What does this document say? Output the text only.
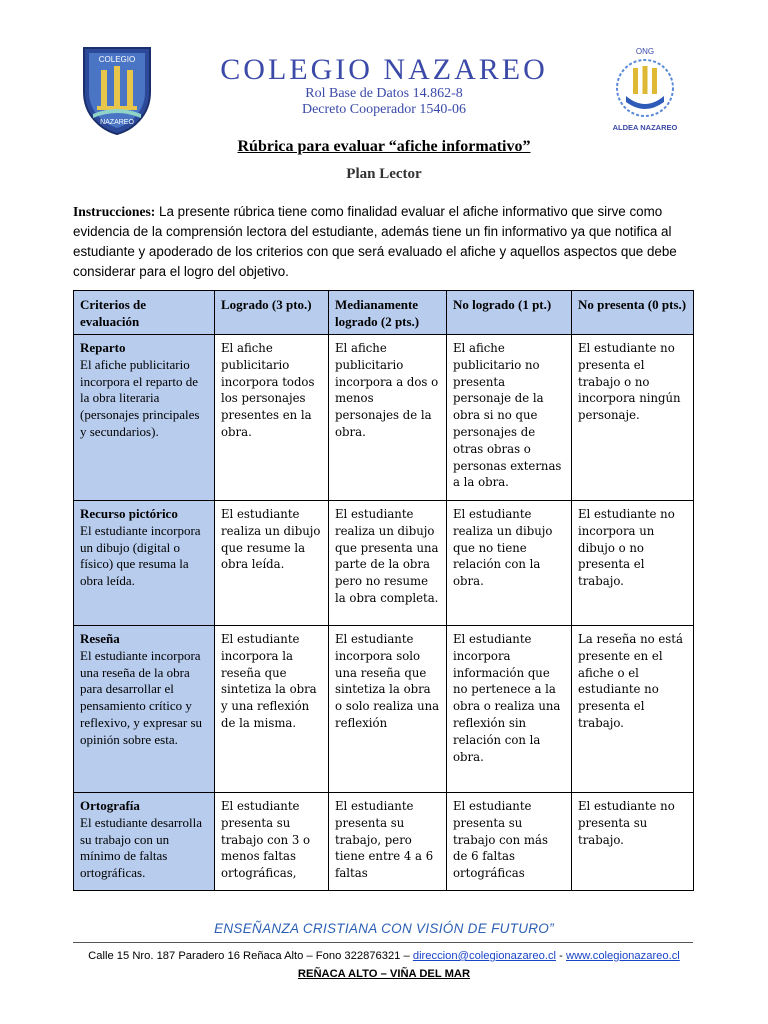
COLEGIO
NAZAREO
COLEGIO NAZAREO
Rol Base de Datos 14.862-8
Decreto Cooperador 1540-06
ONG
ALDEA NAZAREO
Rúbrica para evaluar “afiche informativo”
Plan Lector
Instrucciones: La presente rúbrica tiene como finalidad evaluar el afiche informativo que sirve como evidencia de la comprensión lectora del estudiante, además tiene un fin informativo ya que notifica al estudiante y apoderado de los criterios con que será evaluado el afiche y aquellos aspectos que debe considerar para el logro del objetivo.
Criterios de evaluación	Logrado (3 pto.)	Medianamente logrado (2 pts.)	No logrado (1 pt.)	No presenta (0 pts.)

Reparto
El afiche publicitario incorpora el reparto de la obra literaria (personajes principales y secundarios).	El afiche publicitario incorpora todos los personajes presentes en la obra.	El afiche publicitario incorpora a dos o menos personajes de la obra.	El afiche publicitario no presenta personaje de la obra si no que personajes de otras obras o personas externas a la obra.	El estudiante no presenta el trabajo o no incorpora ningún personaje.

Recurso pictórico
El estudiante incorpora un dibujo (digital o físico) que resuma la obra leída.	El estudiante realiza un dibujo que resume la obra leída.	El estudiante realiza un dibujo que presenta una parte de la obra pero no resume la obra completa.	El estudiante realiza un dibujo que no tiene relación con la obra.	El estudiante no incorpora un dibujo o no presenta el trabajo.

Reseña
El estudiante incorpora una reseña de la obra para desarrollar el pensamiento crítico y reflexivo, y expresar su opinión sobre esta.	El estudiante incorpora la reseña que sintetiza la obra y una reflexión de la misma.	El estudiante incorpora solo una reseña que sintetiza la obra o solo realiza una reflexión	El estudiante incorpora información que no pertenece a la obra o realiza una reflexión sin relación con la obra.	La reseña no está presente en el afiche o el estudiante no presenta el trabajo.

Ortografía
El estudiante desarrolla su trabajo con un mínimo de faltas ortográficas.	El estudiante presenta su trabajo con 3 o menos faltas ortográficas,	El estudiante presenta su trabajo, pero tiene entre 4 a 6 faltas	El estudiante presenta su trabajo con más de 6 faltas ortográficas	El estudiante no presenta su trabajo.
ENSEÑANZA CRISTIANA CON VISIÓN DE FUTURO”
Calle 15 Nro. 187 Paradero 16 Reñaca Alto – Fono 322876321 – direccion@colegionazareo.cl - www.colegionazareo.cl
REÑACA ALTO – VIÑA DEL MAR
